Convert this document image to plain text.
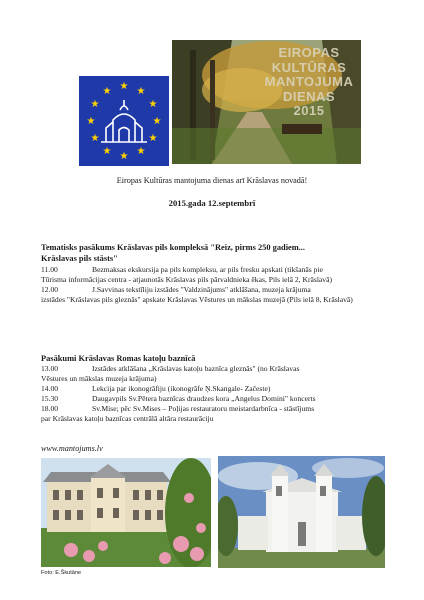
★ ★
★
★
★
★
★
★
★
★
★
★
EIROPAS
KULTŪRAS
MANTOJUMA
DIENAS
2015
Eiropas Kultūras mantojuma dienas arī Krāslavas novadā!
2015.gada 12.septembrī
Tematisks pasākums Krāslavas pils kompleksā "Reiz, pirms 250 gadiem...
Krāslavas pils stāsts"
11.00	Bezmaksas ekskursija pa pils kompleksu, ar pils fresku apskati (tikšanās pie
Tūrisma informācijas centra - atjaunotās Krāslavas pils pārvaldnieka ēkas, Pils ielā 2, Krāslavā)
12.00	J.Savvinas tekstīliju izstādes "Valdzinājums" atklāšana, muzeja krājuma
izstādes "Krāslavas pils gleznās" apskate Krāslavas Vēstures un mākslas muzejā (Pils ielā 8, Krāslavā)
Pasākumi Krāslavas Romas katoļu baznīcā
13.00	Izstādes atklāšana „Krāslavas katoļu baznīca gleznās" (no Krāslavas
Vēstures un mākslas muzeja krājuma)
14.00	Lekcija par ikonogrāfiju (ikonogrāfe Ņ.Skangale- Začeste)
15.30	Daugavpils Sv.Pētera baznīcas draudzes kora „Angelus Domini" koncerts
18.00	Sv.Mise; pēc Sv.Mises – Poļijas restauratoru meistardarbnīca - stāstījums
par Krāslavas katoļu baznīcas centrālā altāra restaurāciju
www.mantojums.lv
Foto: E.Škutāne
